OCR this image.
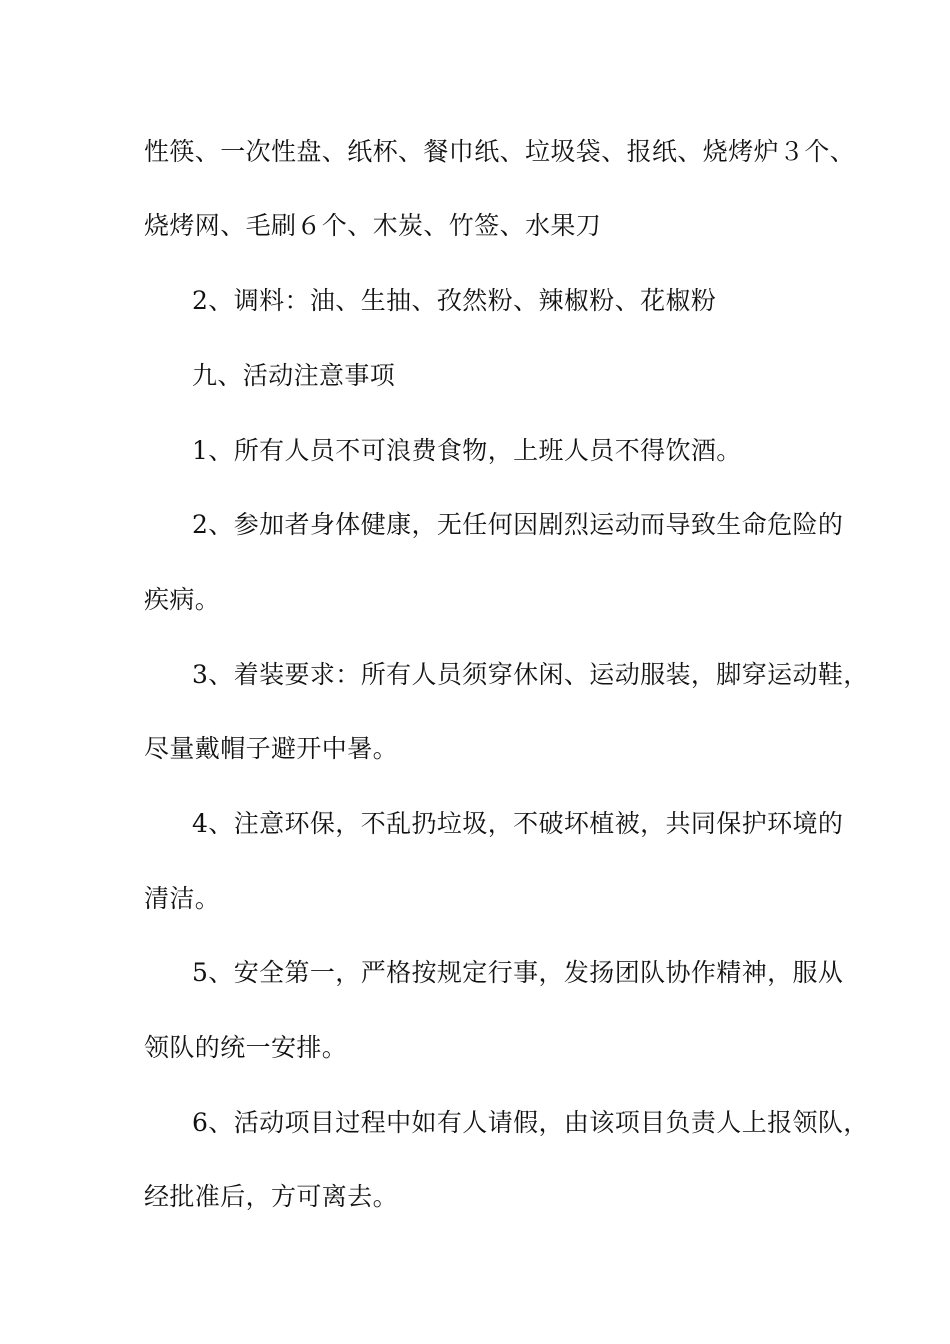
性筷、一次性盘、纸杯、餐巾纸、垃圾袋、报纸、烧烤炉３个、
烧烤网、毛刷６个、木炭、竹签、水果刀
2、调料：油、生抽、孜然粉、辣椒粉、花椒粉
九、活动注意事项
1、所有人员不可浪费食物，上班人员不得饮酒。
2、参加者身体健康，无任何因剧烈运动而导致生命危险的
疾病。
3、着装要求：所有人员须穿休闲、运动服装，脚穿运动鞋，
尽量戴帽子避开中暑。
4、注意环保，不乱扔垃圾，不破坏植被，共同保护环境的
清洁。
5、安全第一，严格按规定行事，发扬团队协作精神，服从
领队的统一安排。
6、活动项目过程中如有人请假，由该项目负责人上报领队，
经批准后，方可离去。
